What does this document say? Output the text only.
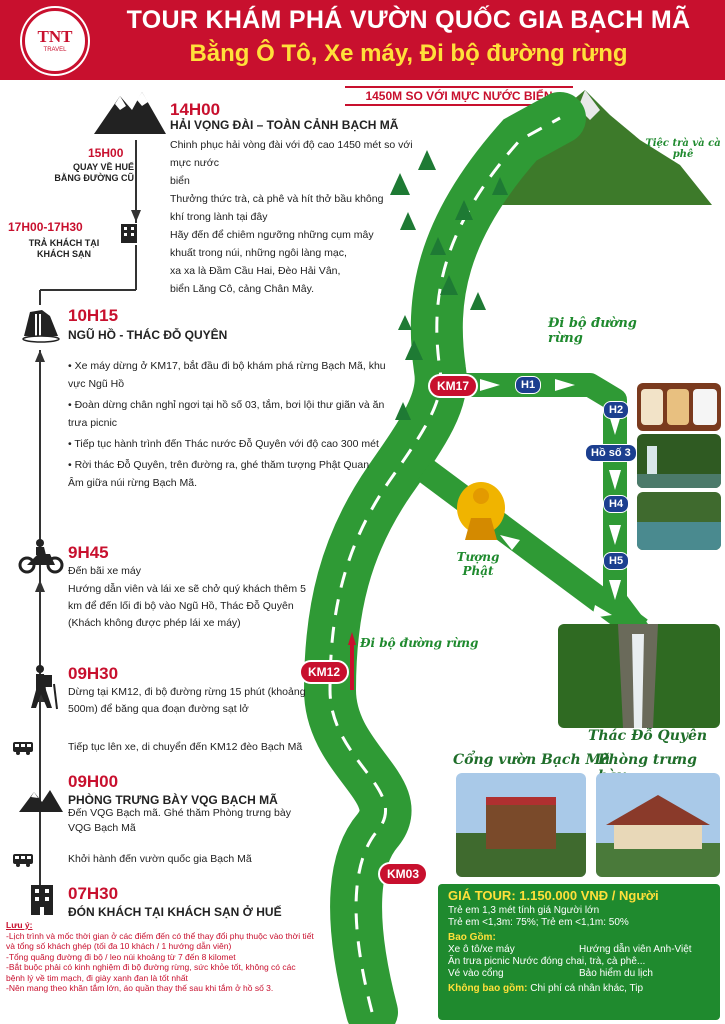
TNT
TRAVEL
TOUR KHÁM PHÁ VƯỜN QUỐC GIA BẠCH MÃ
Bằng Ô Tô, Xe máy, Đi bộ đường rừng
1450M SO VỚI MỰC NƯỚC BIỂN
14H00
HẢI VỌNG ĐÀI – TOÀN CẢNH BẠCH MÃ
Chinh phục hải vòng đài với độ cao 1450 mét so với mực nước
biển
Thưởng thức trà, cà phê và hít thở bầu không
khí trong lành tại đây
Hãy đến để chiêm ngưỡng những cụm mây
khuất trong núi, những ngôi làng mạc,
xa xa là Đầm Cầu Hai, Đèo Hải Vân,
biển Lăng Cô, cảng Chân Mây.
15H00
QUAY VỀ HUẾ
BẰNG ĐƯỜNG CŨ
17H00-17H30
TRẢ KHÁCH TẠI
KHÁCH SẠN
10H15
NGŨ HỒ - THÁC ĐỖ QUYÊN
• Xe máy dừng ở KM17, bắt đầu đi bộ khám phá rừng Bạch Mã, khu vực Ngũ Hồ
• Đoàn dừng chân nghỉ ngơi tại hồ số 03, tắm, bơi lội thư giãn và ăn trưa picnic
• Tiếp tục hành trình đến Thác nước Đỗ Quyên với độ cao 300 mét
• Rời thác Đỗ Quyên, trên đường ra, ghé thăm tượng Phật Quan Âm giữa núi rừng Bạch Mã.
9H45
Đến bãi xe máy
Hướng dẫn viên và lái xe sẽ chở quý khách thêm 5 km để đến lối đi bộ vào Ngũ Hồ, Thác Đỗ Quyên (Khách không được phép lái xe máy)
09H30
Dừng tại KM12, đi bộ đường rừng 15 phút (khoảng 500m) để băng qua đoạn đường sạt lở
Tiếp tục lên xe, di chuyển đến KM12 đèo Bạch Mã
09H00
PHÒNG TRƯNG BÀY VQG BẠCH MÃ
Đến VQG Bạch mã. Ghé thăm Phòng trưng bày VQG Bạch Mã
Khởi hành đến vườn quốc gia Bạch Mã
07H30
ĐÓN KHÁCH TẠI KHÁCH SẠN Ở HUẾ
Lưu ý:
-Lịch trình và mốc thời gian ở các điểm đến có thể thay đổi phụ thuộc vào thời tiết và tổng số khách ghép (tối đa 10 khách / 1 hướng dẫn viên)
-Tổng quãng đường đi bộ / leo núi khoảng từ 7 đến 8 kilomet
-Bắt buộc phải có kinh nghiệm đi bộ đường rừng, sức khỏe tốt, không có các bệnh lý về tim mạch, đi giày xanh đan là tốt nhất
-Nên mang theo khăn tắm lớn, áo quần thay thế sau khi tắm ở hồ số 3.
KM17
KM12
KM03
H1
H2
Hồ số 3
H4
H5
Tiệc trà và cà phê
Đi bộ đường rừng
Đi bộ đường rừng
Tượng Phật
Thác Đỗ Quyên
Cổng vườn Bạch Mã
Phòng trưng
GIÁ TOUR: 1.150.000 VNĐ / Người
Trẻ em 1,3 mét tính giá Người lớn
Trẻ em <1,3m: 75%; Trẻ em <1,1m: 50%
Bao Gồm:
Xe ô tô/xe máy	Hướng dẫn viên Anh-Việt
Ăn trưa picnic Nước đóng chai, trà, cà phê...
Vé vào cổng	Bảo hiểm du lịch
Không bao gồm: Chi phí cá nhân khác, Tip
